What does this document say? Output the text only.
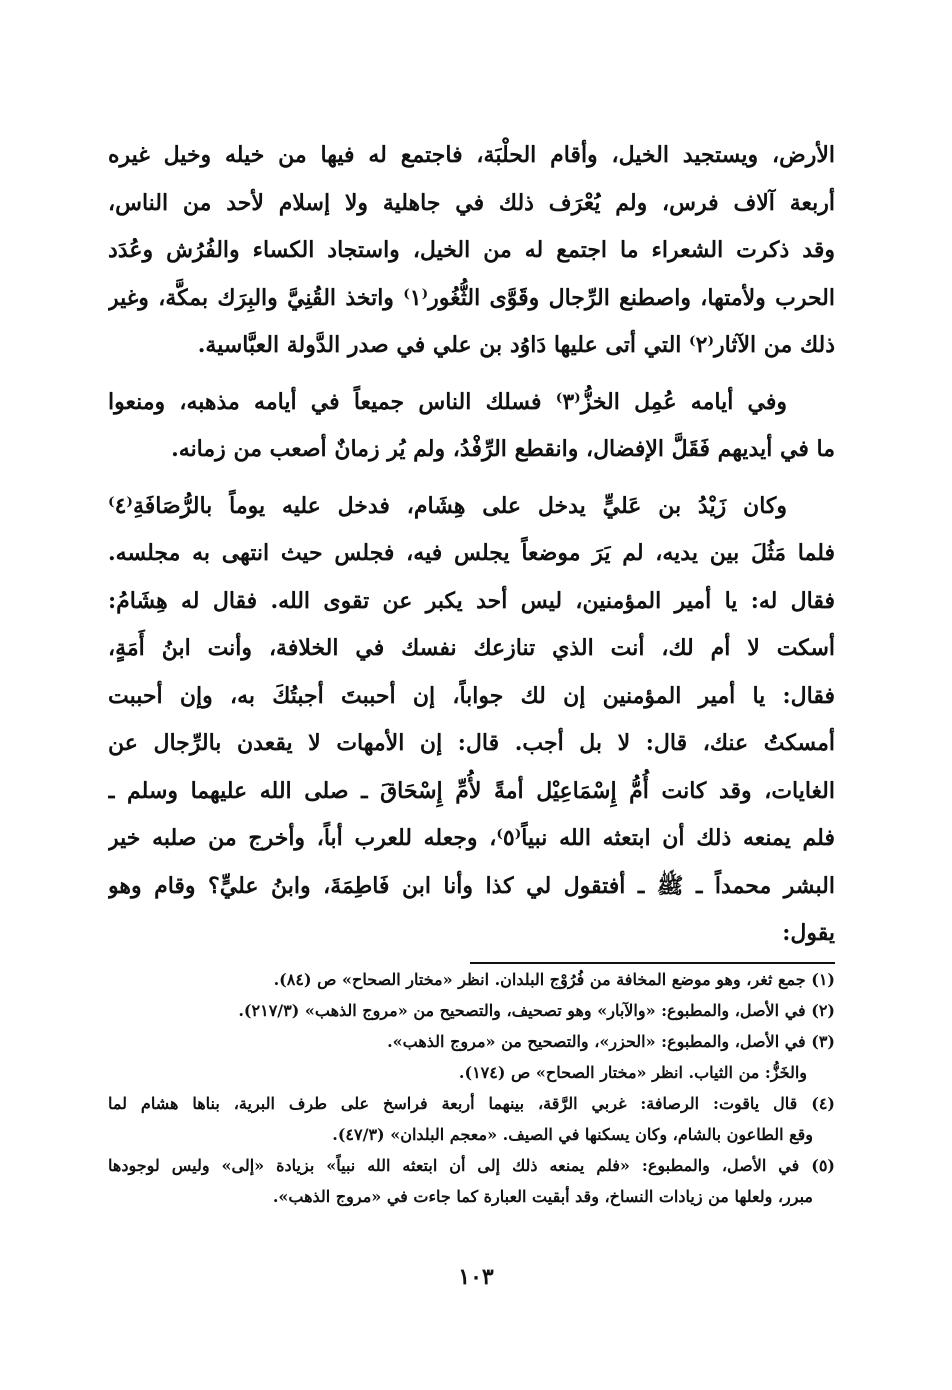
الأرض، ويستجيد الخيل، وأقام الحلْبَة، فاجتمع له فيها من خيله وخيل غيره
أربعة آلاف فرس، ولم يُعْرَف ذلك في جاهلية ولا إسلام لأحد من الناس،
وقد ذكرت الشعراء ما اجتمع له من الخيل، واستجاد الكساء والفُرُش وعُدَد
الحرب ولأمتها، واصطنع الرِّجال وقَوَّى الثُّغُور⁽١⁾ واتخذ القُنِيَّ والبِرَك بمكَّة، وغير
ذلك من الآثار⁽٢⁾ التي أتى عليها دَاوُد بن علي في صدر الدَّولة العبَّاسية.
وفي أيامه عُمِل الخزُّ⁽٣⁾ فسلك الناس جميعاً في أيامه مذهبه، ومنعوا
ما في أيديهم فَقَلَّ الإفضال، وانقطع الرِّفْدُ، ولم يُر زمانٌ أصعب من زمانه.
وكان زَيْدُ بن عَليٍّ يدخل على هِشَام، فدخل عليه يوماً بالرُّصَافَةِ⁽٤⁾
فلما مَثُلَ بين يديه، لم يَرَ موضعاً يجلس فيه، فجلس حيث انتهى به مجلسه.
فقال له: يا أمير المؤمنين، ليس أحد يكبر عن تقوى الله. فقال له هِشَامُ:
أسكت لا أم لك، أنت الذي تنازعك نفسك في الخلافة، وأنت ابنُ أَمَةٍ،
فقال: يا أمير المؤمنين إن لك جواباً، إن أحببتَ أجبتُكَ به، وإن أحببت
أمسكتُ عنك، قال: لا بل أجب. قال: إن الأمهات لا يقعدن بالرِّجال عن
الغايات، وقد كانت أُمُّ إِسْمَاعِيْل أمةً لأُمِّ إِسْحَاقَ ـ صلى الله عليهما وسلم ـ
فلم يمنعه ذلك أن ابتعثه الله نبياً⁽٥⁾، وجعله للعرب أباً، وأخرج من صلبه خير
البشر محمداً ـ ﷺ ـ أفتقول لي كذا وأنا ابن فَاطِمَةَ، وابنُ عليٍّ؟ وقام وهو
يقول:
(١) جمع ثغر، وهو موضع المخافة من فُرُوْج البلدان. انظر «مختار الصحاح» ص (٨٤).
(٢) في الأصل، والمطبوع: «والآبار» وهو تصحيف، والتصحيح من «مروج الذهب» (٢١٧/٣).
(٣) في الأصل، والمطبوع: «الحزر»، والتصحيح من «مروج الذهب».
والخَزُّ: من الثياب. انظر «مختار الصحاح» ص (١٧٤).
(٤) قال ياقوت: الرصافة: غربي الرَّقة، بينهما أربعة فراسخ على طرف البرية، بناها هشام لما
وقع الطاعون بالشام، وكان يسكنها في الصيف. «معجم البلدان» (٤٧/٣).
(٥) في الأصل، والمطبوع: «فلم يمنعه ذلك إلى أن ابتعثه الله نبياً» بزيادة «إلى» وليس لوجودها
مبرر، ولعلها من زيادات النساخ، وقد أبقيت العبارة كما جاءت في «مروج الذهب».
١٠٣
